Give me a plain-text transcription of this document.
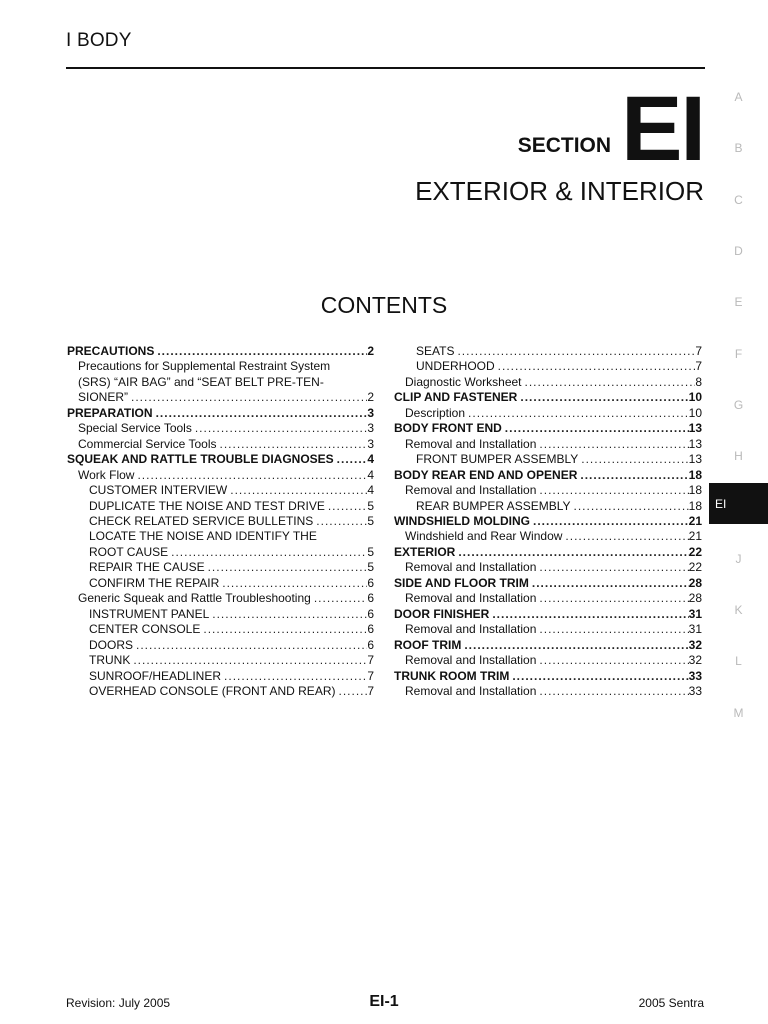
I BODY
SECTION EI
EXTERIOR & INTERIOR
CONTENTS
PRECAUTIONS .....	2
Precautions for Supplemental Restraint System
(SRS) “AIR BAG” and “SEAT BELT PRE-TEN-
SIONER” .....	2
PREPARATION .....	3
Special Service Tools .....	3
Commercial Service Tools .....	3
SQUEAK AND RATTLE TROUBLE DIAGNOSES .....	4
Work Flow .....	4
CUSTOMER INTERVIEW .....	4
DUPLICATE THE NOISE AND TEST DRIVE .....	5
CHECK RELATED SERVICE BULLETINS .....	5
LOCATE THE NOISE AND IDENTIFY THE
ROOT CAUSE .....	5
REPAIR THE CAUSE .....	5
CONFIRM THE REPAIR .....	6
Generic Squeak and Rattle Troubleshooting .....	6
INSTRUMENT PANEL .....	6
CENTER CONSOLE .....	6
DOORS .....	6
TRUNK .....	7
SUNROOF/HEADLINER .....	7
OVERHEAD CONSOLE (FRONT AND REAR) .....	7
SEATS .....	7
UNDERHOOD .....	7
Diagnostic Worksheet .....	8
CLIP AND FASTENER .....	10
Description .....	10
BODY FRONT END .....	13
Removal and Installation .....	13
FRONT BUMPER ASSEMBLY .....	13
BODY REAR END AND OPENER .....	18
Removal and Installation .....	18
REAR BUMPER ASSEMBLY .....	18
WINDSHIELD MOLDING .....	21
Windshield and Rear Window .....	21
EXTERIOR .....	22
Removal and Installation .....	22
SIDE AND FLOOR TRIM .....	28
Removal and Installation .....	28
DOOR FINISHER .....	31
Removal and Installation .....	31
ROOF TRIM .....	32
Removal and Installation .....	32
TRUNK ROOM TRIM .....	33
Removal and Installation .....	33
A
B
C
D
E
F
G
H
EI
J
K
L
M
Revision: July 2005	EI-1	2005 Sentra
